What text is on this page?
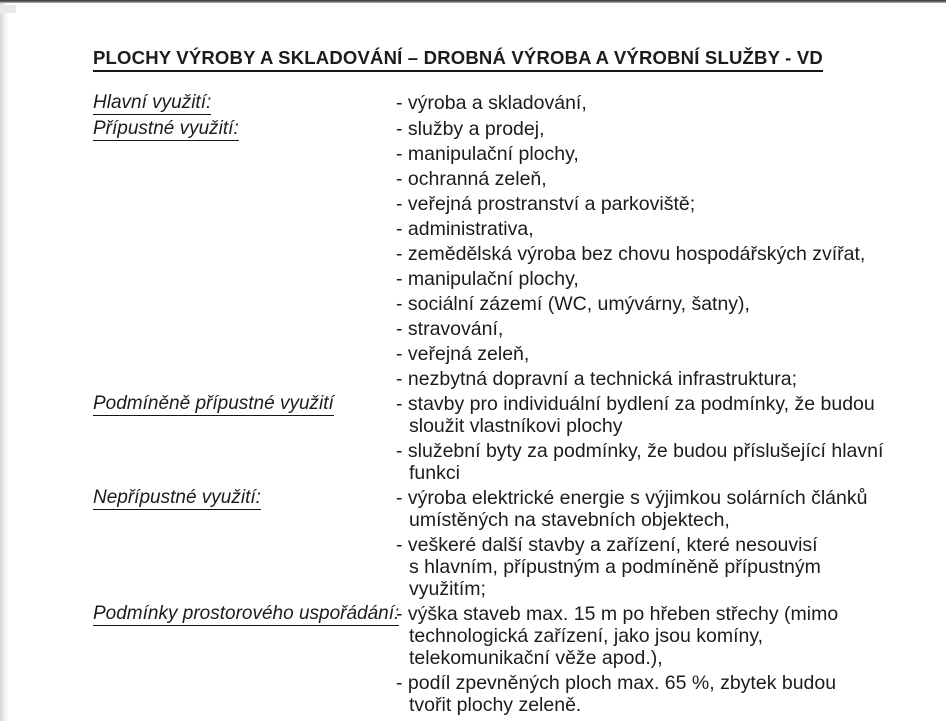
PLOCHY VÝROBY A SKLADOVÁNÍ – DROBNÁ VÝROBA A VÝROBNÍ SLUŽBY - VD
Hlavní využití:	- výroba a skladování,
Přípustné využití:	- služby a prodej,
- manipulační plochy,
- ochranná zeleň,
- veřejná prostranství a parkoviště;
- administrativa,
- zemědělská výroba bez chovu hospodářských zvířat,
- manipulační plochy,
- sociální zázemí (WC, umývárny, šatny),
- stravování,
- veřejná zeleň,
- nezbytná dopravní a technická infrastruktura;
Podmíněně přípustné využití	- stavby pro individuální bydlení za podmínky, že budou
sloužit vlastníkovi plochy
- služební byty za podmínky, že budou příslušející hlavní
funkci
Nepřípustné využití:	- výroba elektrické energie s výjimkou solárních článků
umístěných na stavebních objektech,
- veškeré další stavby a zařízení, které nesouvisí
s hlavním, přípustným a podmíněně přípustným
využitím;
Podmínky prostorového uspořádání:
- výška staveb max. 15 m po hřeben střechy (mimo
technologická zařízení, jako jsou komíny,
telekomunikační věže apod.),
- podíl zpevněných ploch max. 65 %, zbytek budou
tvořit plochy zeleně.
